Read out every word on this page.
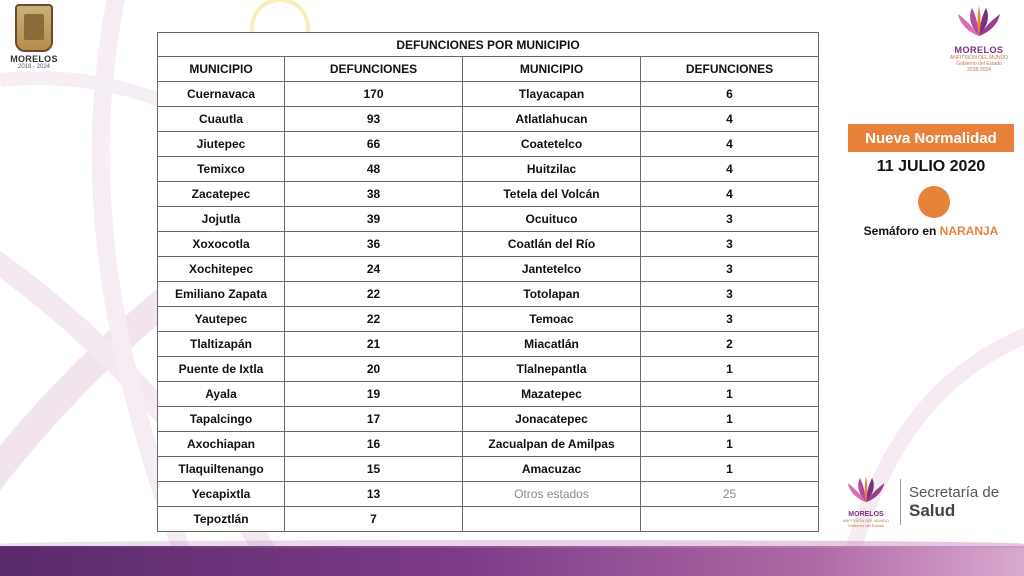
MORELOS
2018 - 2024
MORELOS
ANFITRIÓN DEL MUNDO
Gobierno del Estado
2018-2024
DEFUNCIONES POR MUNICIPIO			
MUNICIPIO	DEFUNCIONES	MUNICIPIO	DEFUNCIONES
Cuernavaca	170	Tlayacapan	6
Cuautla	93	Atlatlahucan	4
Jiutepec	66	Coatetelco	4
Temixco	48	Huitzilac	4
Zacatepec	38	Tetela del Volcán	4
Jojutla	39	Ocuituco	3
Xoxocotla	36	Coatlán del Río	3
Xochitepec	24	Jantetelco	3
Emiliano Zapata	22	Totolapan	3
Yautepec	22	Temoac	3
Tlaltizapán	21	Miacatlán	2
Puente de Ixtla	20	Tlalnepantla	1
Ayala	19	Mazatepec	1
Tapalcingo	17	Jonacatepec	1
Axochiapan	16	Zacualpan de Amilpas	1
Tlaquiltenango	15	Amacuzac	1
Yecapixtla	13	Otros estados	25
Tepoztlán	7		
Nueva Normalidad
11 JULIO 2020
Semáforo en NARANJA
MORELOS
ANFITRIÓN DEL MUNDO
Gobierno del Estado
Secretaría de
Salud
